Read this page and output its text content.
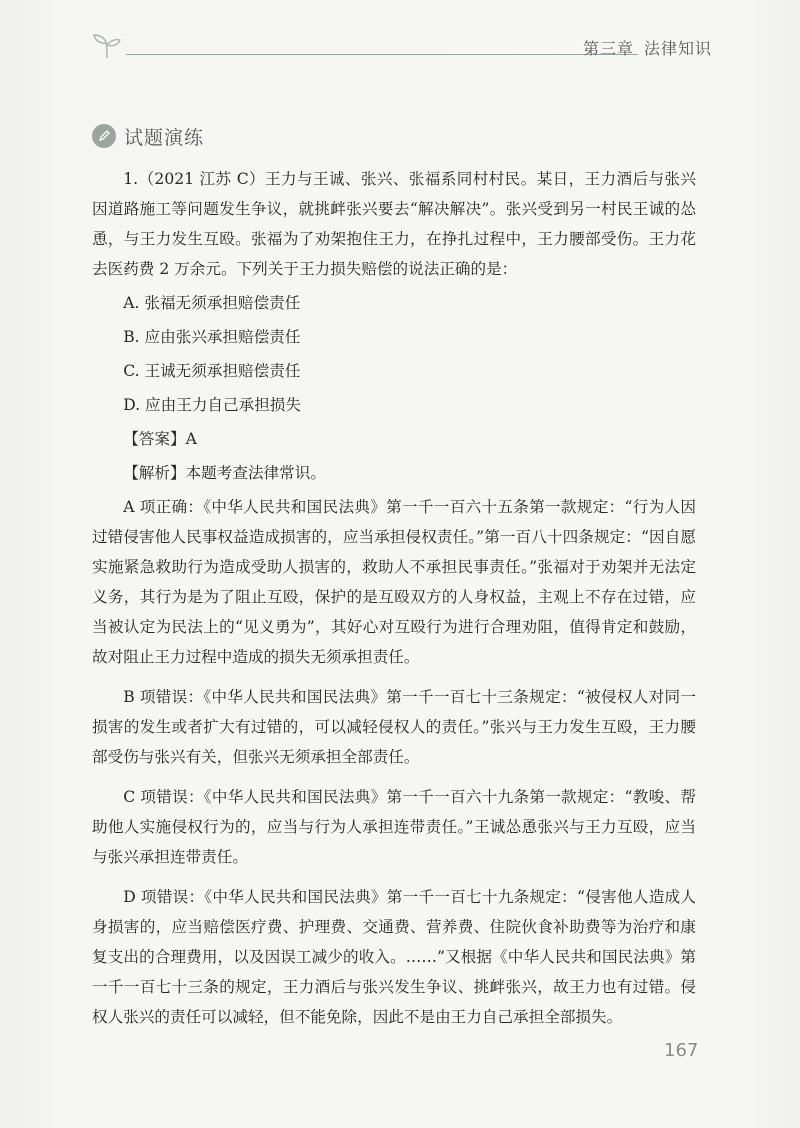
第三章 法律知识
试题演练

1.（2021 江苏 C）王力与王诚、张兴、张福系同村村民。某日，王力酒后与张兴因道路施工等问题发生争议，就挑衅张兴要去“解决解决”。张兴受到另一村民王诚的怂恿，与王力发生互殴。张福为了劝架抱住王力，在挣扎过程中，王力腰部受伤。王力花去医药费 2 万余元。下列关于王力损失赔偿的说法正确的是：

A. 张福无须承担赔偿责任

B. 应由张兴承担赔偿责任

C. 王诚无须承担赔偿责任

D. 应由王力自己承担损失

【答案】A

【解析】本题考查法律常识。

A 项正确：《中华人民共和国民法典》第一千一百六十五条第一款规定：“行为人因过错侵害他人民事权益造成损害的，应当承担侵权责任。”第一百八十四条规定：“因自愿实施紧急救助行为造成受助人损害的，救助人不承担民事责任。”张福对于劝架并无法定义务，其行为是为了阻止互殴，保护的是互殴双方的人身权益，主观上不存在过错，应当被认定为民法上的“见义勇为”，其好心对互殴行为进行合理劝阻，值得肯定和鼓励，故对阻止王力过程中造成的损失无须承担责任。

B 项错误：《中华人民共和国民法典》第一千一百七十三条规定：“被侵权人对同一损害的发生或者扩大有过错的，可以减轻侵权人的责任。”张兴与王力发生互殴，王力腰部受伤与张兴有关，但张兴无须承担全部责任。

C 项错误：《中华人民共和国民法典》第一千一百六十九条第一款规定：“教唆、帮助他人实施侵权行为的，应当与行为人承担连带责任。”王诚怂恿张兴与王力互殴，应当与张兴承担连带责任。

D 项错误：《中华人民共和国民法典》第一千一百七十九条规定：“侵害他人造成人身损害的，应当赔偿医疗费、护理费、交通费、营养费、住院伙食补助费等为治疗和康复支出的合理费用，以及因误工减少的收入。……”又根据《中华人民共和国民法典》第一千一百七十三条的规定，王力酒后与张兴发生争议、挑衅张兴，故王力也有过错。侵权人张兴的责任可以减轻，但不能免除，因此不是由王力自己承担全部损失。

167
